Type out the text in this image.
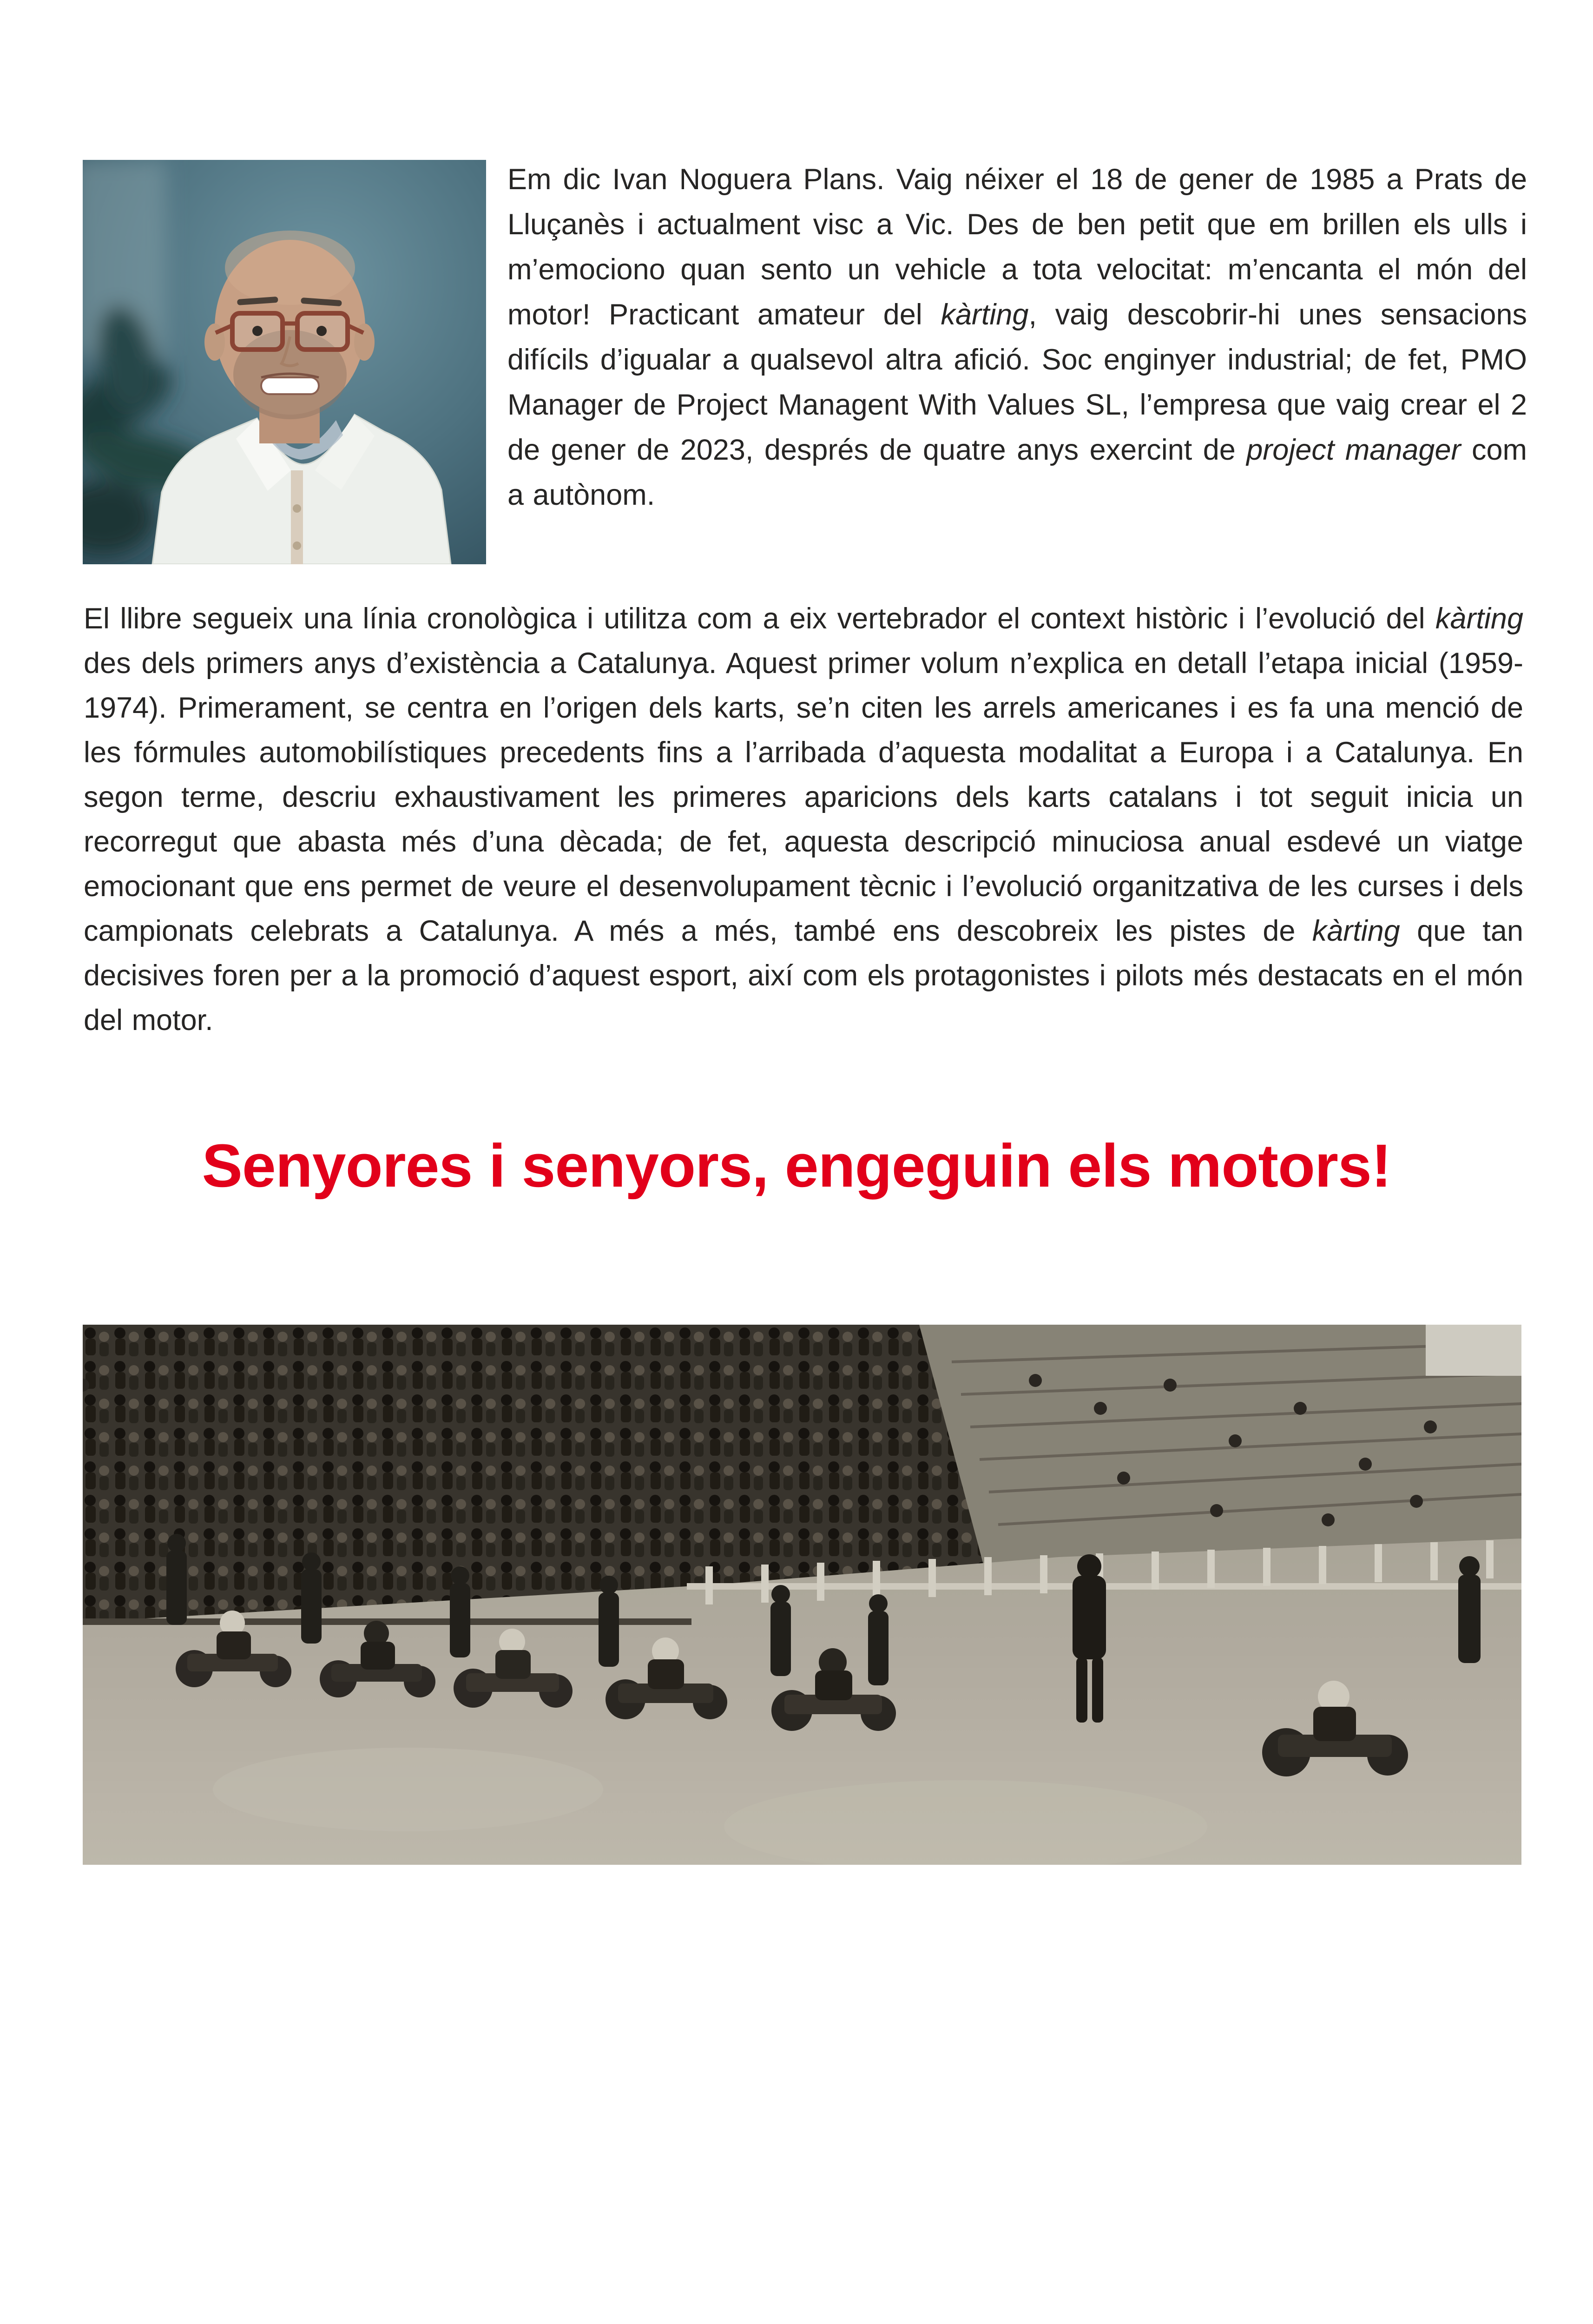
Em dic Ivan Noguera Plans. Vaig néixer el 18 de gener de 1985 a Prats de Lluçanès i actualment visc a Vic. Des de ben petit que em brillen els ulls i m’emociono quan sento un vehicle a tota velocitat: m’encanta el món del motor! Practicant amateur del kàrting, vaig descobrir-hi unes sensacions difícils d’igualar a qualsevol altra afició. Soc enginyer industrial; de fet, PMO Manager de Project Managent With Values SL, l’empresa que vaig crear el 2 de gener de 2023, després de quatre anys exercint de project manager com a autònom.
El llibre segueix una línia cronològica i utilitza com a eix vertebrador el context històric i l’evolució del kàrting des dels primers anys d’existència a Catalunya. Aquest primer volum n’explica en detall l’etapa inicial (1959-1974). Primerament, se centra en l’origen dels karts, se’n citen les arrels americanes i es fa una menció de les fórmules automobilístiques precedents fins a l’arribada d’aquesta modalitat a Europa i a Catalunya. En segon terme, descriu exhaustivament les primeres aparicions dels karts catalans i tot seguit inicia un recorregut que abasta més d’una dècada; de fet, aquesta descripció minuciosa anual esdevé un viatge emocionant que ens permet de veure el desenvolupament tècnic i l’evolució organitzativa de les curses i dels campionats celebrats a Catalunya. A més a més, també ens descobreix les pistes de kàrting que tan decisives foren per a la promoció d’aquest esport, així com els protagonistes i pilots més destacats en el món del motor.
Senyores i senyors, engeguin els motors!
